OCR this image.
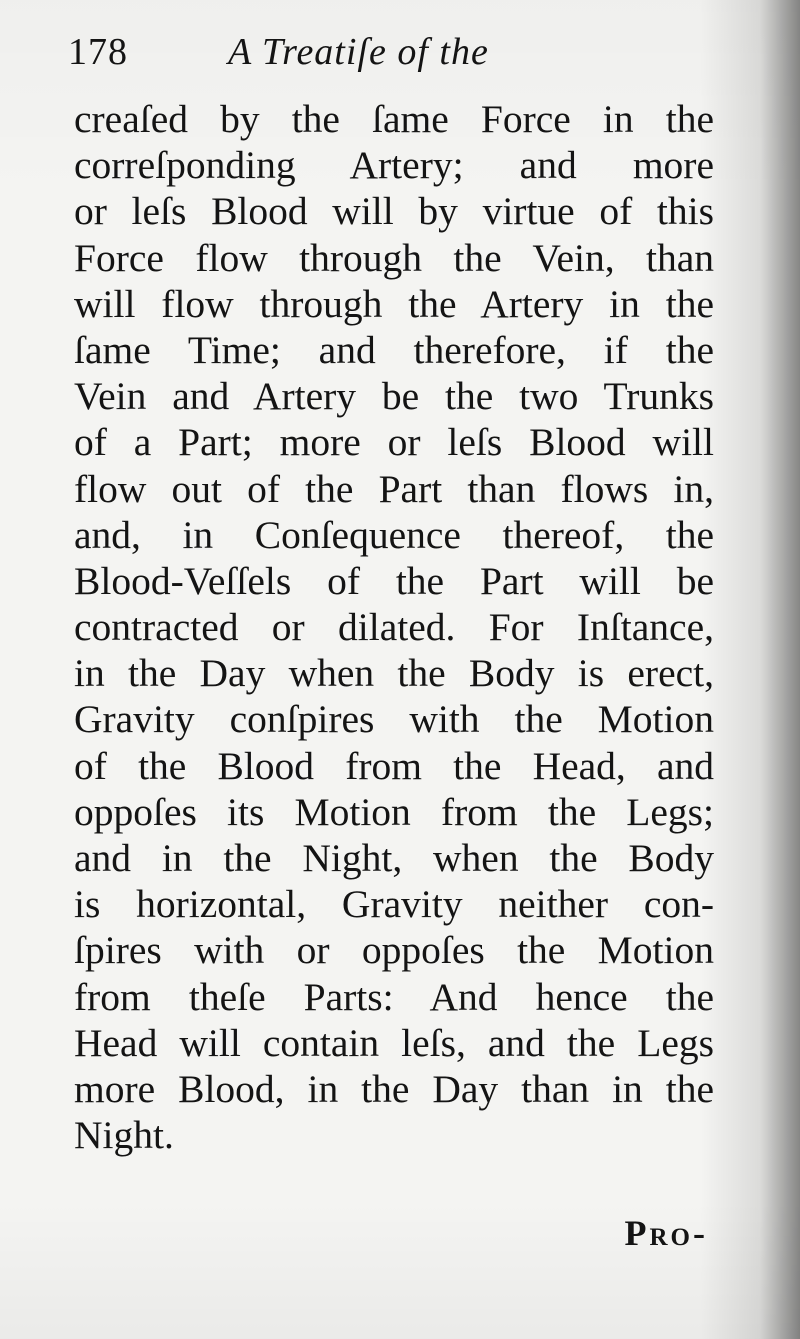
178	A Treatiſe of the
creaſed by the ſame Force in the
correſponding Artery; and more
or leſs Blood will by virtue of this
Force flow through the Vein, than
will flow through the Artery in the
ſame Time; and therefore, if the
Vein and Artery be the two Trunks
of a Part; more or leſs Blood will
flow out of the Part than flows in,
and, in Conſequence thereof, the
Blood-Veſſels of the Part will be
contracted or dilated. For Inſtance,
in the Day when the Body is erect,
Gravity conſpires with the Motion
of the Blood from the Head, and
oppoſes its Motion from the Legs;
and in the Night, when the Body
is horizontal, Gravity neither con-
ſpires with or oppoſes the Motion
from theſe Parts: And hence the
Head will contain leſs, and the Legs
more Blood, in the Day than in the
Night.
Pro-
